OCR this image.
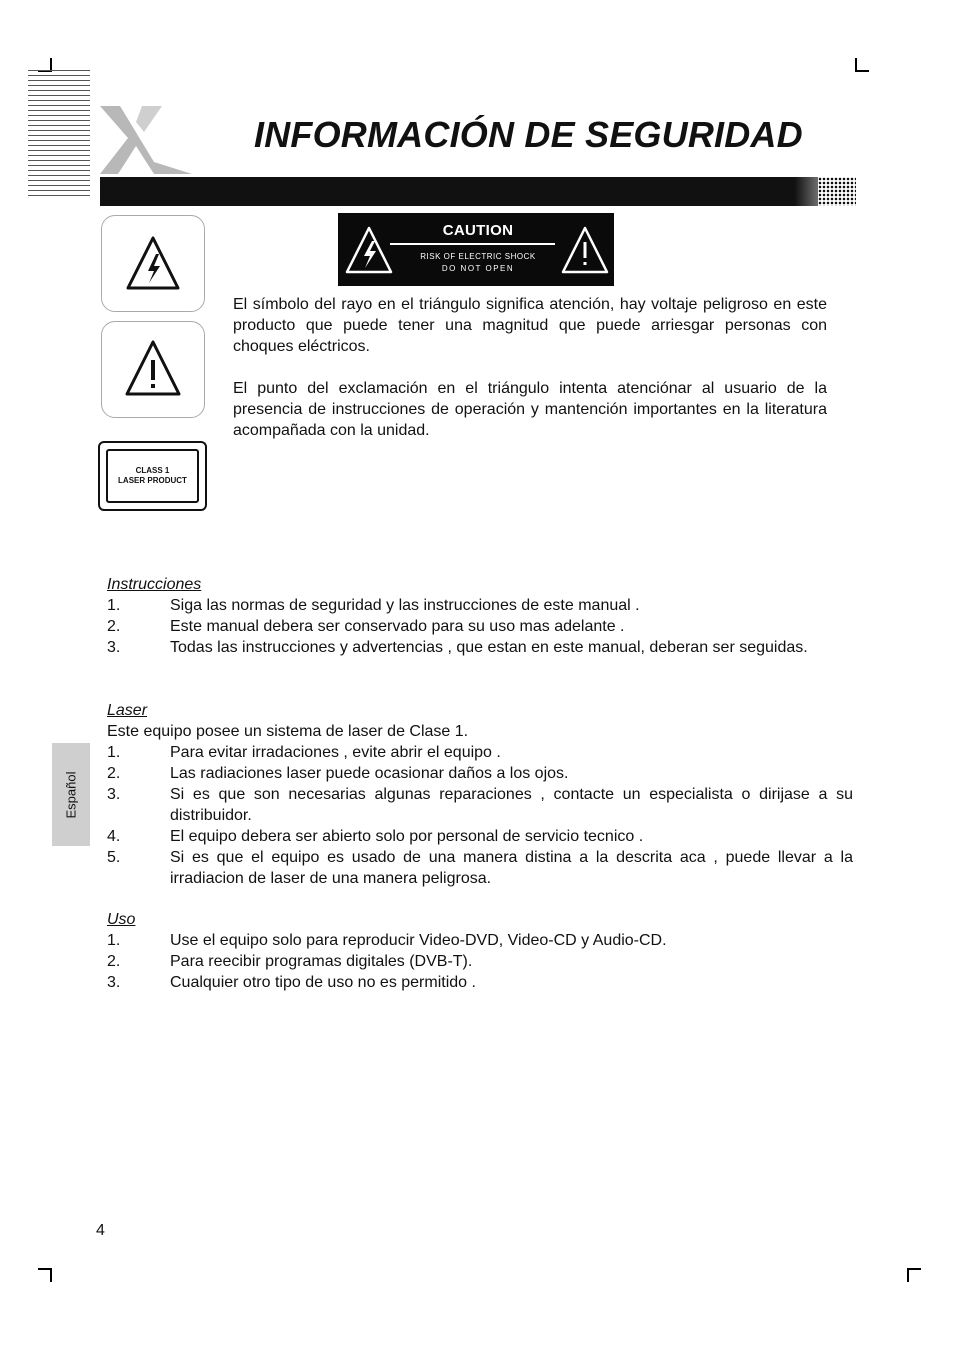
INFORMACIÓN DE SEGURIDAD
CLASS 1
LASER PRODUCT
CAUTION
RISK OF ELECTRIC SHOCK
DO NOT OPEN
El símbolo del rayo en el triángulo significa atención, hay voltaje peligroso en este producto que puede tener una magnitud que puede arriesgar personas con choques eléctricos.
El punto del exclamación en el triángulo intenta atenciónar al usuario de la presencia de instrucciones de operación y mantención importantes en la literatura acompañada con la unidad.
Instrucciones
1.	Siga las normas de seguridad y las instrucciones de este manual .
2.	Este manual debera ser conservado para su uso mas adelante .
3.	Todas las instrucciones y advertencias , que estan en este manual, deberan ser seguidas.
Laser
Este equipo posee un sistema de laser de Clase 1.
1.	Para evitar irradaciones , evite abrir el equipo .
2.	Las radiaciones laser puede ocasionar daños a los ojos.
3.	Si es que son necesarias algunas reparaciones , contacte un especialista o dirijase a su distribuidor.
4.	El equipo debera ser abierto solo por personal de servicio tecnico .
5.	Si es que el equipo es usado de una manera distina a la descrita aca , puede llevar a la irradiacion de laser de una manera peligrosa.
Uso
1.	Use el equipo solo para reproducir Video-DVD, Video-CD y Audio-CD.
2.	Para reecibir programas digitales (DVB-T).
3.	Cualquier otro tipo de uso no es permitido .
Español
4
